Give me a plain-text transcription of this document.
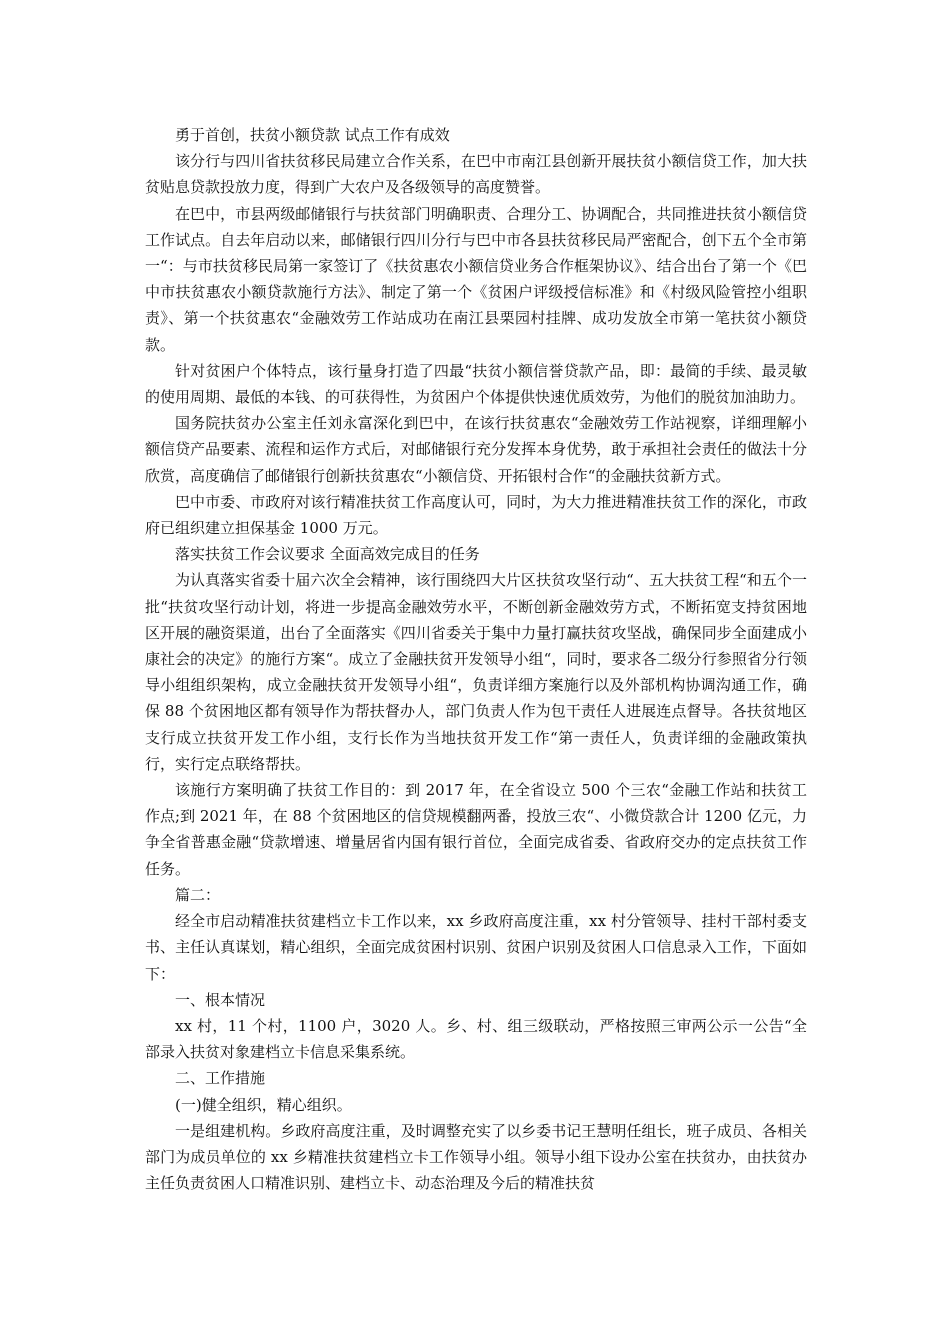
勇于首创，扶贫小额贷款 试点工作有成效

该分行与四川省扶贫移民局建立合作关系，在巴中市南江县创新开展扶贫小额信贷工作，加大扶贫贴息贷款投放力度，得到广大农户及各级领导的高度赞誉。

在巴中，市县两级邮储银行与扶贫部门明确职责、合理分工、协调配合，共同推进扶贫小额信贷工作试点。自去年启动以来，邮储银行四川分行与巴中市各县扶贫移民局严密配合，创下五个全市第一“：与市扶贫移民局第一家签订了《扶贫惠农小额信贷业务合作框架协议》、结合出台了第一个《巴中市扶贫惠农小额贷款施行方法》、制定了第一个《贫困户评级授信标准》和《村级风险管控小组职责》、第一个扶贫惠农“金融效劳工作站成功在南江县栗园村挂牌、成功发放全市第一笔扶贫小额贷款。

针对贫困户个体特点，该行量身打造了四最“扶贫小额信誉贷款产品，即：最简的手续、最灵敏的使用周期、最低的本钱、的可获得性，为贫困户个体提供快速优质效劳，为他们的脱贫加油助力。

国务院扶贫办公室主任刘永富深化到巴中，在该行扶贫惠农“金融效劳工作站视察，详细理解小额信贷产品要素、流程和运作方式后，对邮储银行充分发挥本身优势，敢于承担社会责任的做法十分欣赏，高度确信了邮储银行创新扶贫惠农“小额信贷、开拓银村合作“的金融扶贫新方式。

巴中市委、市政府对该行精准扶贫工作高度认可，同时，为大力推进精准扶贫工作的深化，市政府已组织建立担保基金 1000 万元。

落实扶贫工作会议要求 全面高效完成目的任务

为认真落实省委十届六次全会精神，该行围绕四大片区扶贫攻坚行动“、五大扶贫工程“和五个一批“扶贫攻坚行动计划，将进一步提高金融效劳水平，不断创新金融效劳方式，不断拓宽支持贫困地区开展的融资渠道，出台了全面落实《四川省委关于集中力量打赢扶贫攻坚战，确保同步全面建成小康社会的决定》的施行方案“。成立了金融扶贫开发领导小组“，同时，要求各二级分行参照省分行领导小组组织架构，成立金融扶贫开发领导小组“，负责详细方案施行以及外部机构协调沟通工作，确保 88 个贫困地区都有领导作为帮扶督办人，部门负责人作为包干责任人进展连点督导。各扶贫地区支行成立扶贫开发工作小组，支行长作为当地扶贫开发工作“第一责任人，负责详细的金融政策执行，实行定点联络帮扶。

该施行方案明确了扶贫工作目的：到 2017 年，在全省设立 500 个三农“金融工作站和扶贫工作点;到 2021 年，在 88 个贫困地区的信贷规模翻两番，投放三农“、小微贷款合计 1200 亿元，力争全省普惠金融“贷款增速、增量居省内国有银行首位，全面完成省委、省政府交办的定点扶贫工作任务。

篇二：

经全市启动精准扶贫建档立卡工作以来，xx 乡政府高度注重，xx 村分管领导、挂村干部村委支书、主任认真谋划，精心组织，全面完成贫困村识别、贫困户识别及贫困人口信息录入工作，下面如下：

一、根本情况

xx 村，11 个村，1100 户，3020 人。乡、村、组三级联动，严格按照三审两公示一公告“全部录入扶贫对象建档立卡信息采集系统。

二、工作措施

(一)健全组织，精心组织。

一是组建机构。乡政府高度注重，及时调整充实了以乡委书记王慧明任组长，班子成员、各相关部门为成员单位的 xx 乡精准扶贫建档立卡工作领导小组。领导小组下设办公室在扶贫办，由扶贫办主任负责贫困人口精准识别、建档立卡、动态治理及今后的精准扶贫
